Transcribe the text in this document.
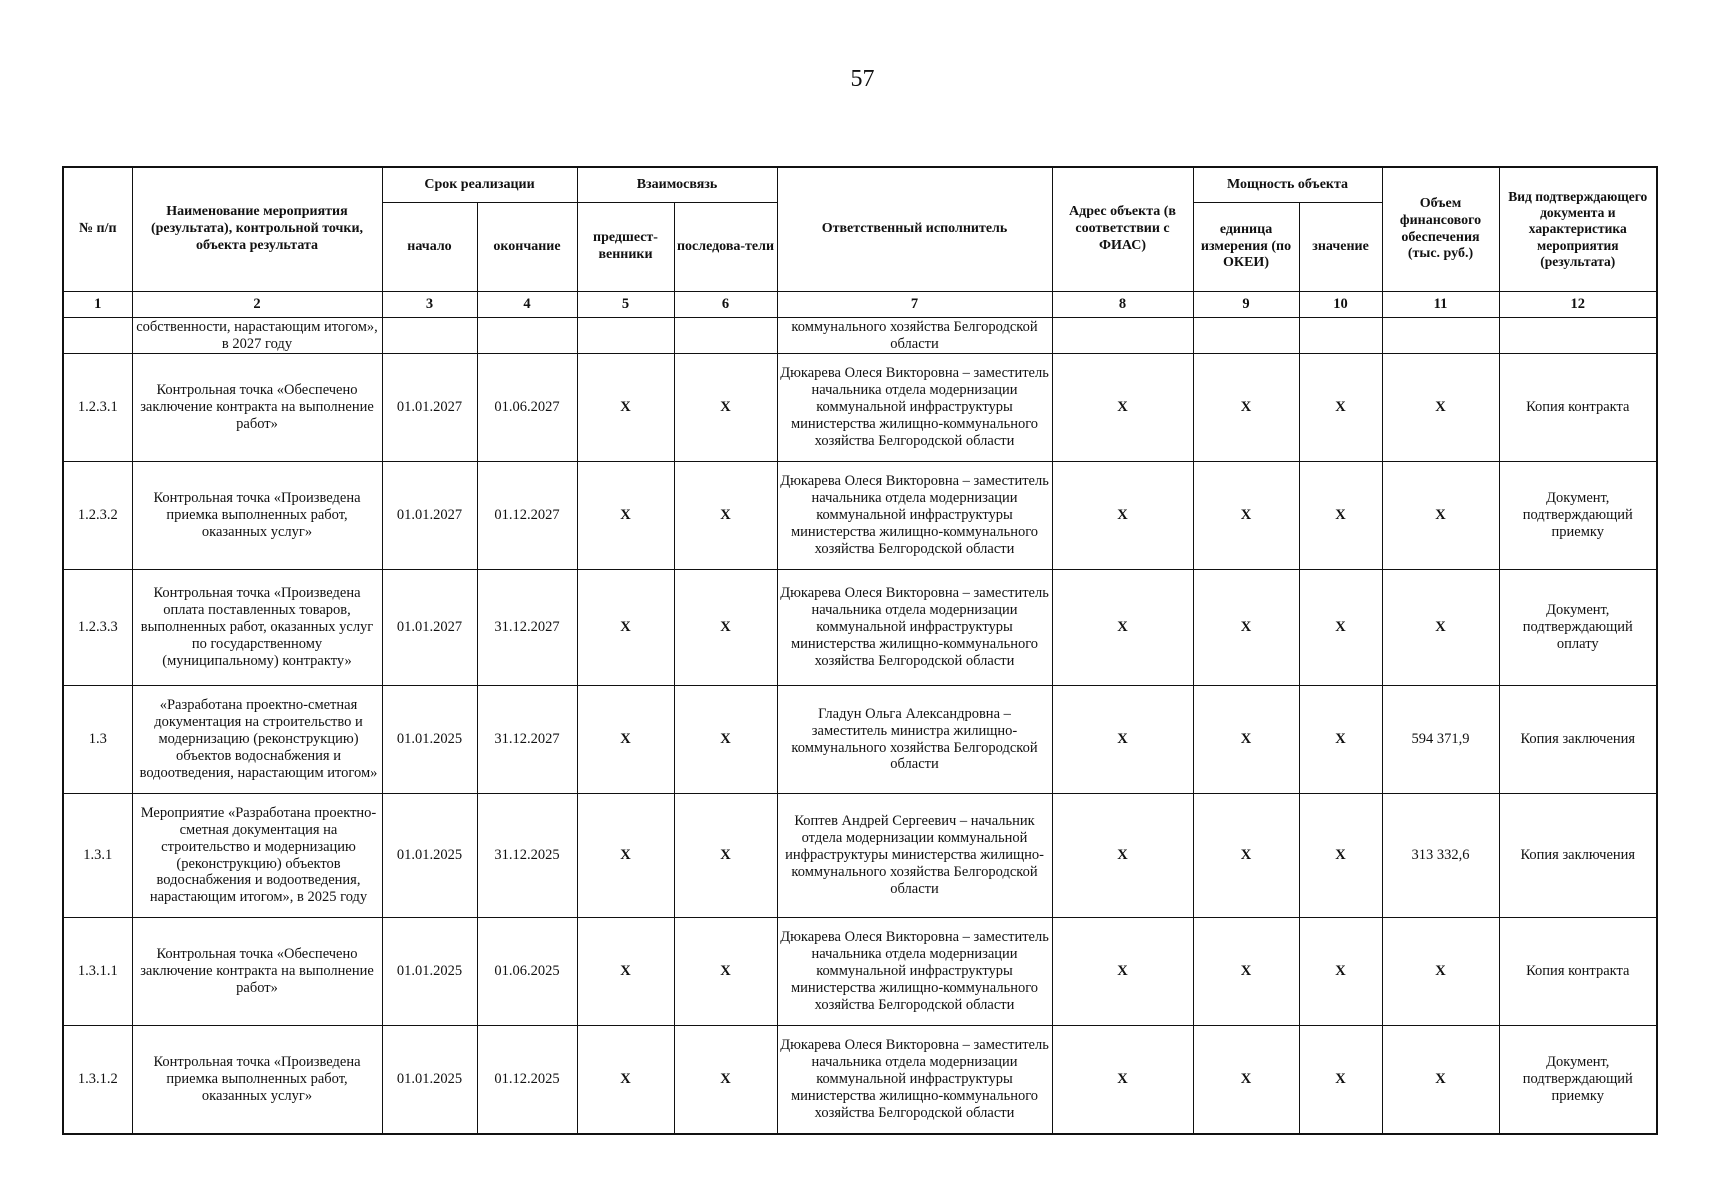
57
№ п/п	Наименование мероприятия (результата), контрольной точки, объекта результата	Срок реализации		Взаимосвязь		Ответственный исполнитель	Адрес объекта (в соответствии с ФИАС)	Мощность объекта		Объем финансового обеспечения (тыс. руб.)	Вид подтверждающего документа и характеристика мероприятия (результата)
		начало	окончание	предшест-венники	последова-тели			единица измерения (по ОКЕИ)	значение		
1	2	3	4	5	6	7	8	9	10	11	12
	собственности, нарастающим итогом», в 2027 году					коммунального хозяйства Белгородской области					
1.2.3.1	Контрольная точка «Обеспечено заключение контракта на выполнение работ»	01.01.2027	01.06.2027	X	X	Дюкарева Олеся Викторовна – заместитель начальника отдела модернизации коммунальной инфраструктуры министерства жилищно-коммунального хозяйства Белгородской области	X	X	X	X	Копия контракта
1.2.3.2	Контрольная точка «Произведена приемка выполненных работ, оказанных услуг»	01.01.2027	01.12.2027	X	X	Дюкарева Олеся Викторовна – заместитель начальника отдела модернизации коммунальной инфраструктуры министерства жилищно-коммунального хозяйства Белгородской области	X	X	X	X	Документ, подтверждающий приемку
1.2.3.3	Контрольная точка «Произведена оплата поставленных товаров, выполненных работ, оказанных услуг по государственному (муниципальному) контракту»	01.01.2027	31.12.2027	X	X	Дюкарева Олеся Викторовна – заместитель начальника отдела модернизации коммунальной инфраструктуры министерства жилищно-коммунального хозяйства Белгородской области	X	X	X	X	Документ, подтверждающий оплату
1.3	«Разработана проектно-сметная документация на строительство и модернизацию (реконструкцию) объектов водоснабжения и водоотведения, нарастающим итогом»	01.01.2025	31.12.2027	X	X	Гладун Ольга Александровна – заместитель министра жилищно-коммунального хозяйства Белгородской области	X	X	X	594 371,9	Копия заключения
1.3.1	Мероприятие «Разработана проектно-сметная документация на строительство и модернизацию (реконструкцию) объектов водоснабжения и водоотведения, нарастающим итогом», в 2025 году	01.01.2025	31.12.2025	X	X	Коптев Андрей Сергеевич – начальник отдела модернизации коммунальной инфраструктуры министерства жилищно-коммунального хозяйства Белгородской области	X	X	X	313 332,6	Копия заключения
1.3.1.1	Контрольная точка «Обеспечено заключение контракта на выполнение работ»	01.01.2025	01.06.2025	X	X	Дюкарева Олеся Викторовна – заместитель начальника отдела модернизации коммунальной инфраструктуры министерства жилищно-коммунального хозяйства Белгородской области	X	X	X	X	Копия контракта
1.3.1.2	Контрольная точка «Произведена приемка выполненных работ, оказанных услуг»	01.01.2025	01.12.2025	X	X	Дюкарева Олеся Викторовна – заместитель начальника отдела модернизации коммунальной инфраструктуры министерства жилищно-коммунального хозяйства Белгородской области	X	X	X	X	Документ, подтверждающий приемку
